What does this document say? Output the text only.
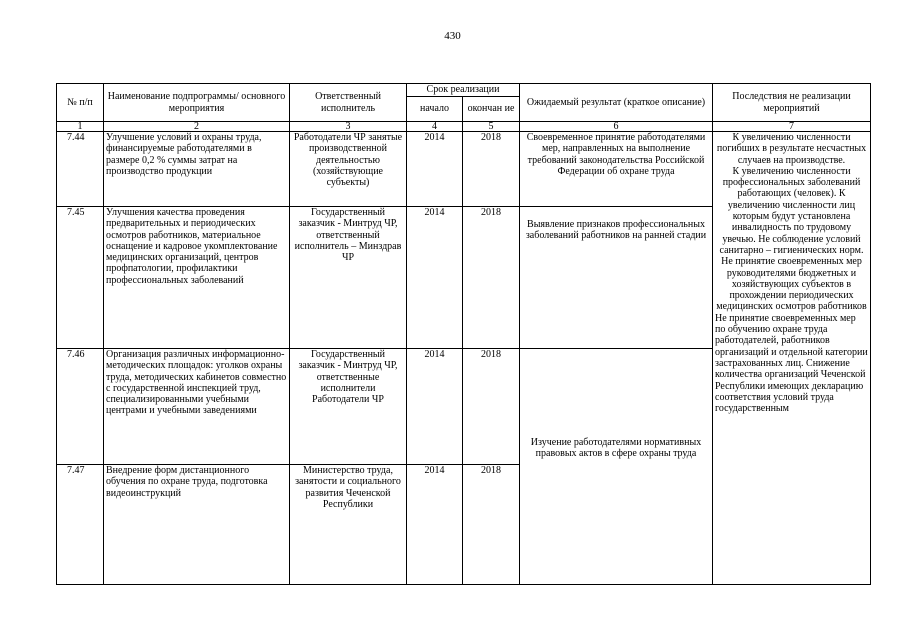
430
№ п/п	Наименование подпрограммы/ основного мероприятия	Ответственный исполнитель	Срок реализации		Ожидаемый результат (краткое описание)	Последствия не реализации мероприятий
			начало	окончан ие		
1	2	3	4	5	6	7
7.44	Улучшение условий и охраны труда, финансируемые работодателями в размере 0,2 % суммы затрат на производство продукции	Работодатели ЧР занятые производственной деятельностью (хозяйствующие субъекты)	2014	2018	Своевременное принятие работодателями мер, направленных на выполнение требований законодательства Российской Федерации об охране труда	К увеличению численности погибших в результате несчастных случаев на производстве.
К увеличению численности профессиональных заболеваний работающих (человек). К увеличению численности лиц которым будут установлена инвалидность по трудовому увечью. Не соблюдение условий санитарно – гигиенических норм. Не принятие своевременных мер руководителями бюджетных и хозяйствующих субъектов в прохождении периодических медицинских осмотров работников
Не принятие своевременных мер по обучению охране труда работодателей, работников организаций и отдельной категории застрахованных лиц. Снижение количества организаций Чеченской Республики имеющих декларацию соответствия условий труда государственным

7.45	Улучшения качества проведения предварительных и периодических осмотров работников, материальное оснащение и кадровое укомплектование медицинских организаций, центров профпатологии, профилактики профессиональных заболеваний	Государственный заказчик - Минтруд ЧР, ответственный исполнитель – Минздрав ЧР	2014	2018	Выявление признаков профессиональных заболеваний работников на ранней стадии	
7.46	Организация различных информационно-методических площадок: уголков охраны труда, методических кабинетов совместно с государственной инспекцией труд, специализированными учебными центрами и учебными заведениями	Государственный заказчик - Минтруд ЧР, ответственные исполнители Работодатели ЧР	2014	2018	Изучение работодателями нормативных правовых актов в сфере охраны труда	
7.47	Внедрение форм дистанционного обучения по охране труда, подготовка видеоинструкций	Министерство труда, занятости и социального развития Чеченской Республики	2014	2018		
